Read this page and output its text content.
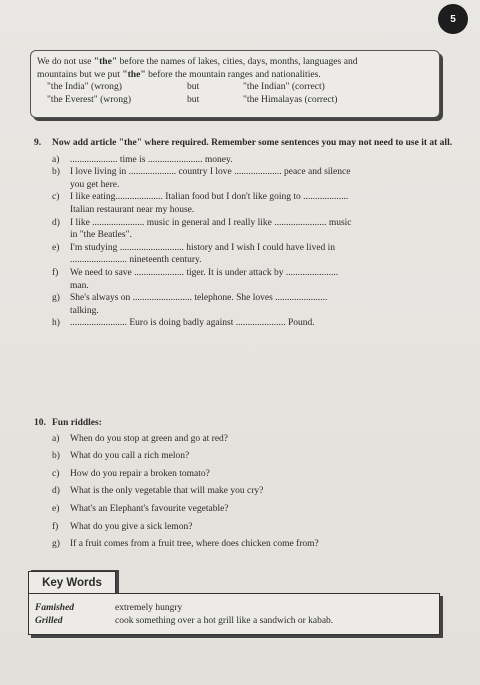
5
We do not use "the" before the names of lakes, cities, days, months, languages and
mountains but we put "the" before the mountain ranges and nationalities.
"the India" (wrong)	but	"the Indian" (correct)
"the Everest" (wrong)	but	"the Himalayas (correct)
9.	Now add article "the" where required. Remember some sentences you may not need to use it at all.
a)	.................... time is ....................... money.
b)	I love living in .................... country I love .................... peace and silence
you get here.
c)	I like eating.................... Italian food but I don't like going to ...................
Italian restaurant near my house.
d)	I like ...................... music in general and I really like ...................... music
in "the Beatles".
e)	I'm studying ........................... history and I wish I could have lived in
........................ nineteenth century.
f)	We need to save ..................... tiger. It is under attack by ......................
man.
g)	She's always on ......................... telephone. She loves ......................
talking.
h)	........................ Euro is doing badly against ..................... Pound.
10. Fun riddles:
a)	When do you stop at green and go at red?
b)	What do you call a rich melon?
c)	How do you repair a broken tomato?
d)	What is the only vegetable that will make you cry?
e)	What's an Elephant's favourite vegetable?
f)	What do you give a sick lemon?
g)	If a fruit comes from a fruit tree, where does chicken come from?
Key Words
Famished	extremely hungry
Grilled	cook something over a hot grill like a sandwich or kabab.
